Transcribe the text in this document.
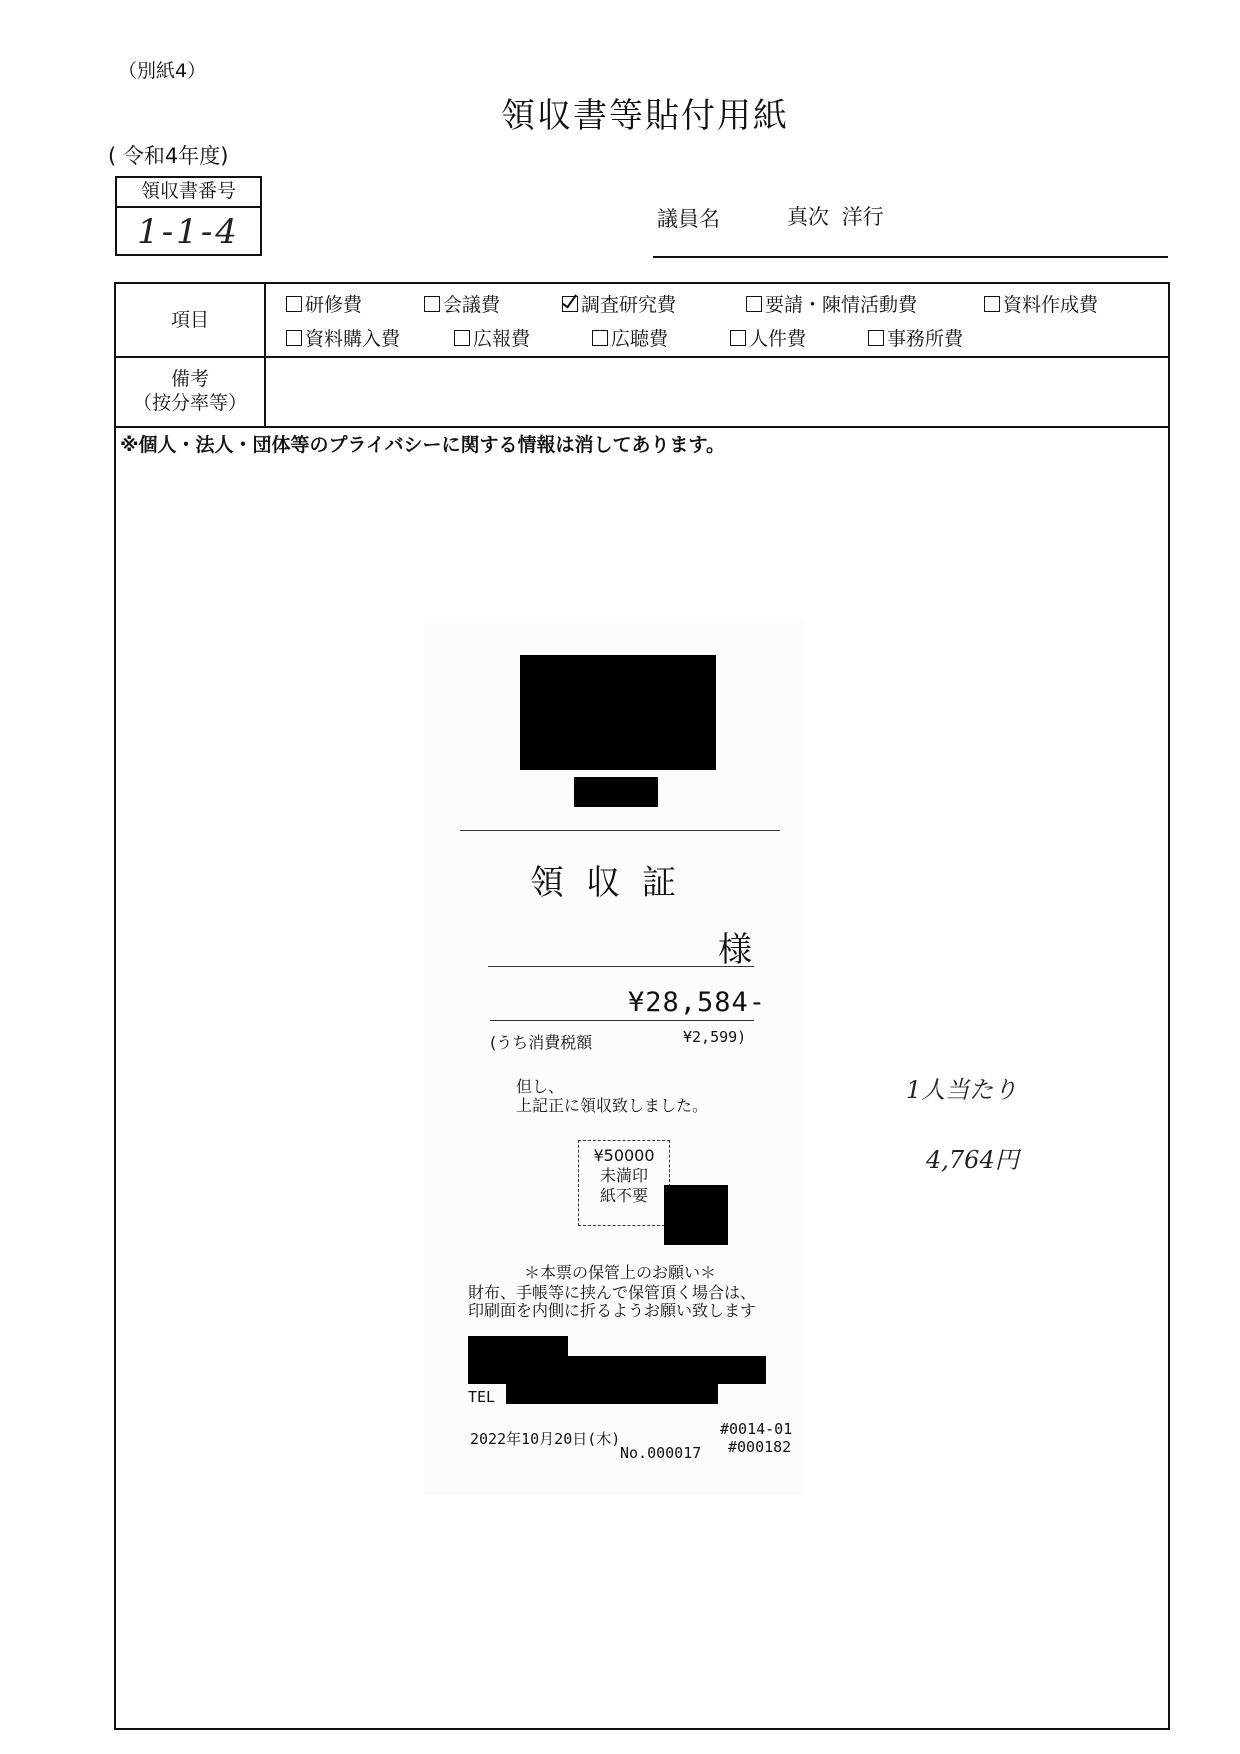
（別紙4）
領収書等貼付用紙
( 令和4年度)
領収書番号
1-1-4	議員名	真次 洋行
項目
研修費	会議費	調査研究費	要請・陳情活動費	資料作成費
資料購入費	広報費	広聴費	人件費	事務所費
備考
（按分率等）
※個人・法人・団体等のプライバシーに関する情報は消してあります。
領収証
様
¥28,584-
(うち消費税額	¥2,599)
但し、
上記正に領収致しました。
¥50000
未満印
紙不要
＊本票の保管上のお願い＊
財布、手帳等に挟んで保管頂く場合は、
印刷面を内側に折るようお願い致します
TEL
2022年10月20日(木)
#0014-01
No.000017 #000182
1人当たり
4,764円
